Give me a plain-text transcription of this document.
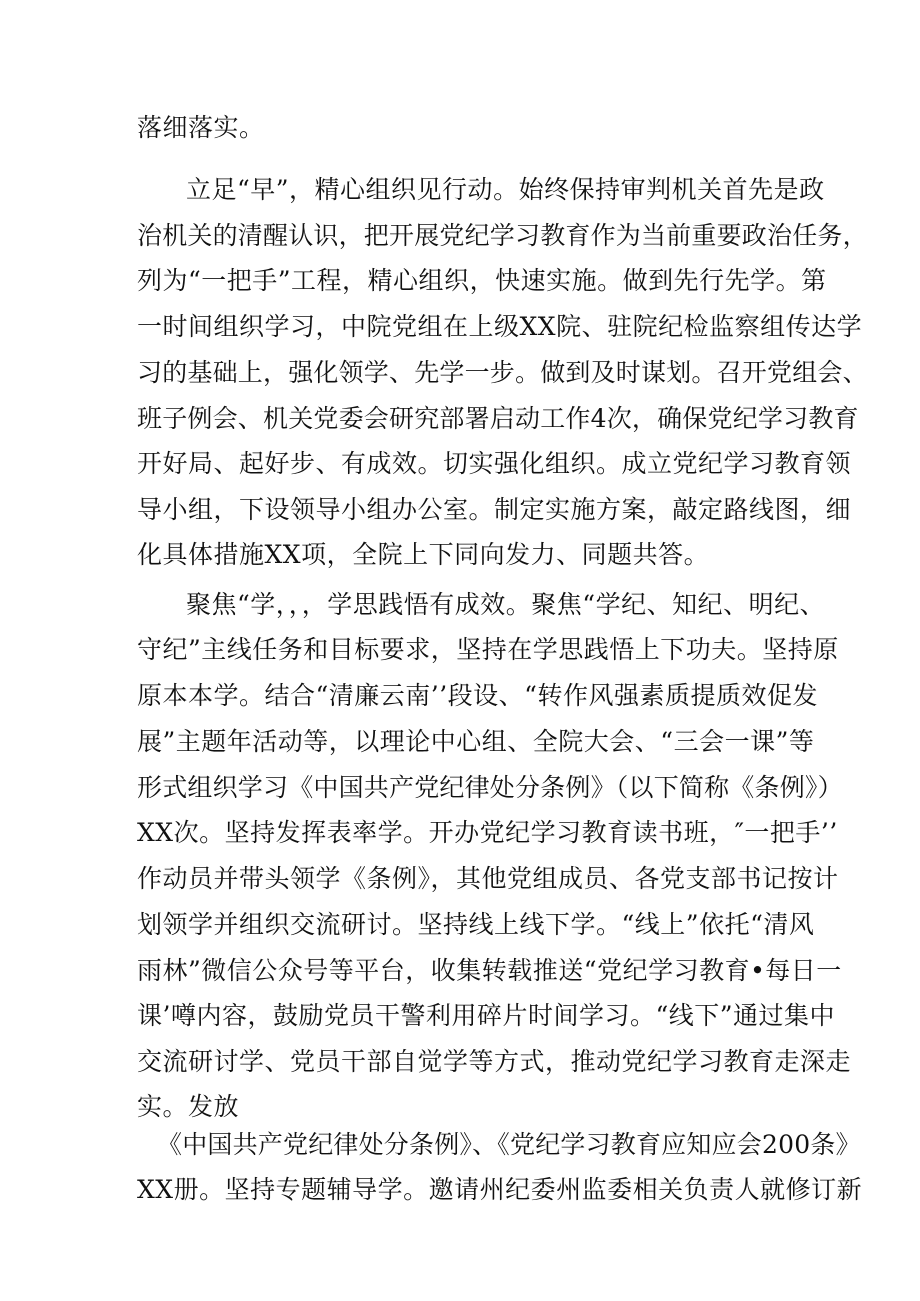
落细落实。
立足“早”，精心组织见行动。始终保持审判机关首先是政
治机关的清醒认识，把开展党纪学习教育作为当前重要政治任务，
列为“一把手”工程，精心组织，快速实施。做到先行先学。第
一时间组织学习，中院党组在上级XX院、驻院纪检监察组传达学
习的基础上，强化领学、先学一步。做到及时谋划。召开党组会、
班子例会、机关党委会研究部署启动工作4次，确保党纪学习教育
开好局、起好步、有成效。切实强化组织。成立党纪学习教育领
导小组，下设领导小组办公室。制定实施方案，敲定路线图，细
化具体措施XX项，全院上下同向发力、同题共答。
聚焦“学，，，学思践悟有成效。聚焦“学纪、知纪、明纪、
守纪”主线任务和目标要求，坚持在学思践悟上下功夫。坚持原
原本本学。结合“清廉云南’’段设、“转作风强素质提质效促发
展”主题年活动等，以理论中心组、全院大会、“三会一课”等
形式组织学习《中国共产党纪律处分条例》（以下简称《条例》）
XX次。坚持发挥表率学。开办党纪学习教育读书班，″一把手’’
作动员并带头领学《条例》，其他党组成员、各党支部书记按计
划领学并组织交流研讨。坚持线上线下学。“线上”依托“清风
雨林”微信公众号等平台，收集转载推送“党纪学习教育•每日一
课’噂内容，鼓励党员干警利用碎片时间学习。“线下”通过集中
交流研讨学、党员干部自觉学等方式，推动党纪学习教育走深走
实。发放
《中国共产党纪律处分条例》、《党纪学习教育应知应会200条》
XX册。坚持专题辅导学。邀请州纪委州监委相关负责人就修订新
